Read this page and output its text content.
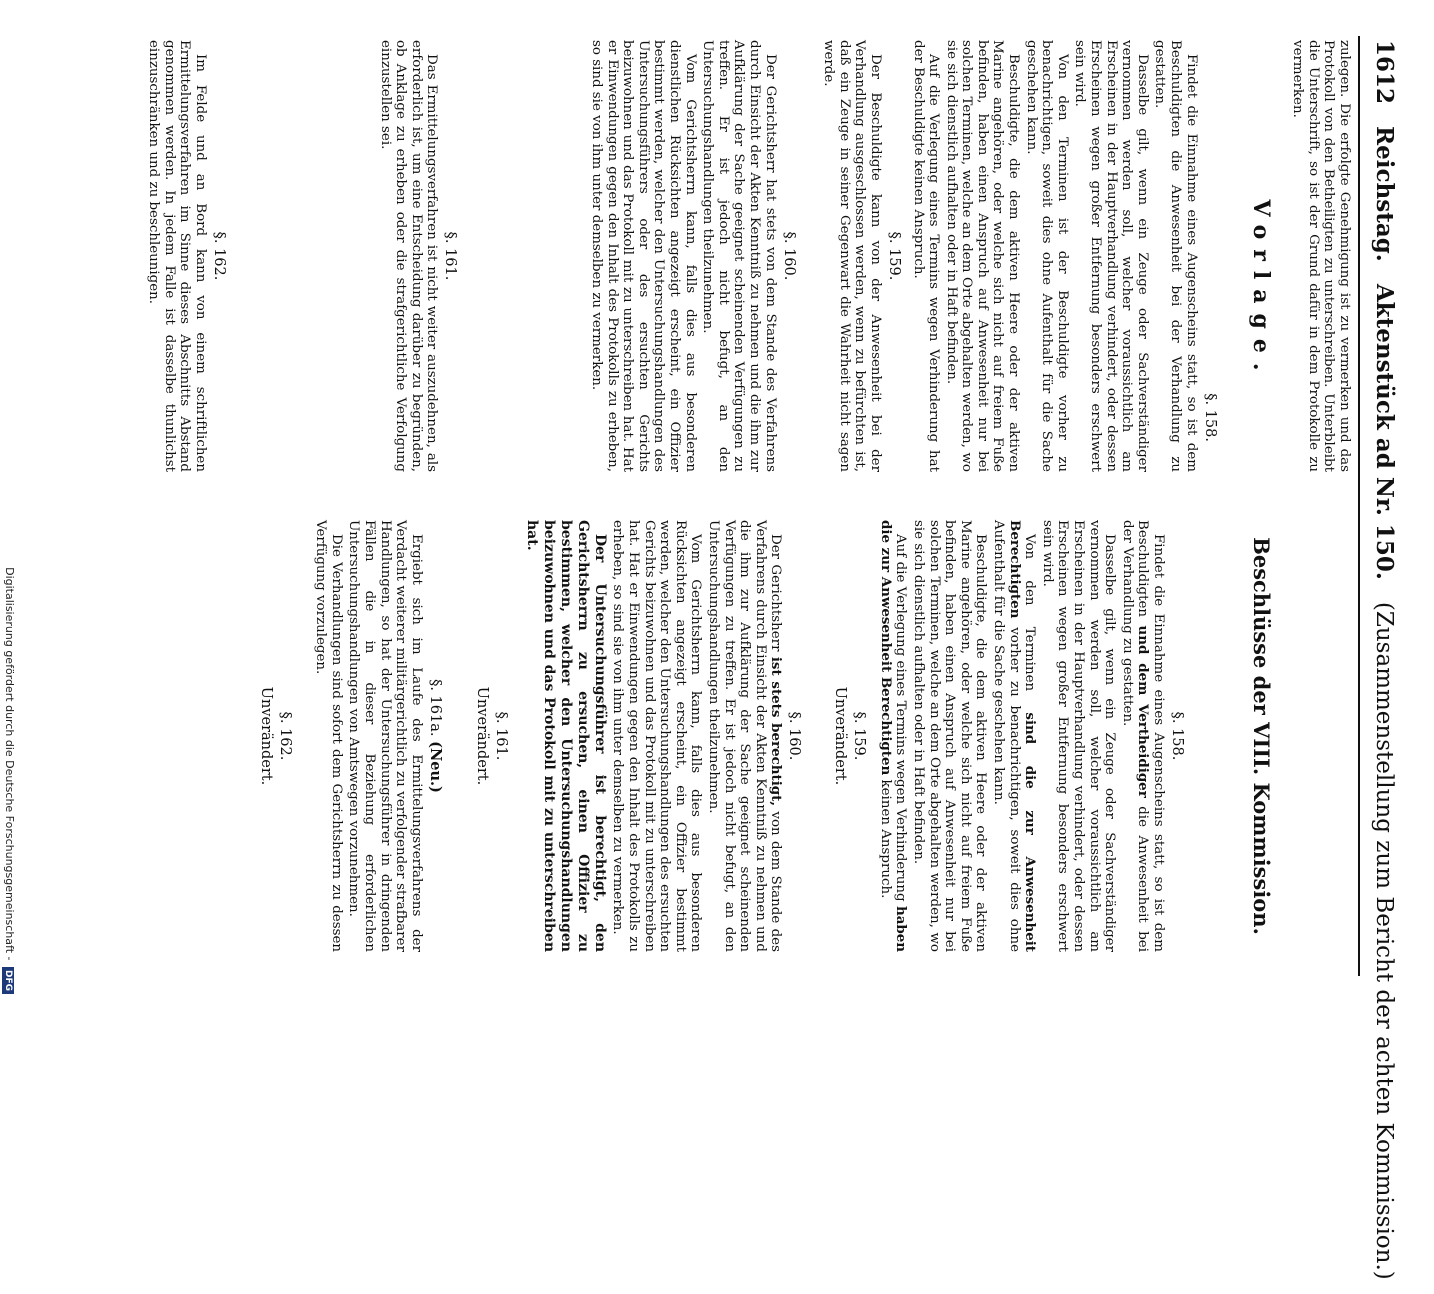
1612 Reichstag. Aktenstück ad Nr. 150. (Zusammenstellung zum Bericht der achten Kommission.)

zulegen. Die erfolgte Genehmigung ist zu vermerken und das Protokoll von den Betheiligten zu unterschreiben. Unterbleibt die Unterschrift, so ist der Grund dafür in dem Protokolle zu vermerken.

Vorlage.
§. 158.

Findet die Einnahme eines Augenscheins statt, so ist dem Beschuldigten die Anwesenheit bei der Verhandlung zu gestatten.

Dasselbe gilt, wenn ein Zeuge oder Sachverständiger vernommen werden soll, welcher voraussichtlich am Erscheinen in der Hauptverhandlung verhindert, oder dessen Erscheinen wegen großer Entfernung besonders erschwert sein wird.

Von den Terminen ist der Beschuldigte vorher zu benachrichtigen, soweit dies ohne Aufenthalt für die Sache geschehen kann.

Beschuldigte, die dem aktiven Heere oder der aktiven Marine angehören, oder welche sich nicht auf freiem Fuße befinden, haben einen Anspruch auf Anwesenheit nur bei solchen Terminen, welche an dem Orte abgehalten werden, wo sie sich dienstlich aufhalten oder in Haft befinden.

Auf die Verlegung eines Termins wegen Verhinderung hat der Beschuldigte keinen Anspruch.

§. 159.

Der Beschuldigte kann von der Anwesenheit bei der Verhandlung ausgeschlossen werden, wenn zu befürchten ist, daß ein Zeuge in seiner Gegenwart die Wahrheit nicht sagen werde.

§. 160.

Der Gerichtsherr hat stets von dem Stande des Verfahrens durch Einsicht der Akten Kenntniß zu nehmen und die ihm zur Aufklärung der Sache geeignet scheinenden Verfügungen zu treffen. Er ist jedoch nicht befugt, an den Untersuchungshandlungen theilzunehmen.

Vom Gerichtsherrn kann, falls dies aus besonderen dienstlichen Rücksichten angezeigt erscheint, ein Offizier bestimmt werden, welcher den Untersuchungshandlungen des Untersuchungsführers oder des ersuchten Gerichts beizuwohnen und das Protokoll mit zu unterschreiben hat. Hat er Einwendungen gegen den Inhalt des Protokolls zu erheben, so sind sie von ihm unter demselben zu vermerken.

§. 161.

Das Ermittelungsverfahren ist nicht weiter auszudehnen, als erforderlich ist, um eine Entscheidung darüber zu begründen, ob Anklage zu erheben oder die strafgerichtliche Verfolgung einzustellen sei.

§. 162.

Im Felde und an Bord kann von einem schriftlichen Ermittelungsverfahren im Sinne dieses Abschnitts Abstand genommen werden. In jedem Falle ist dasselbe thunlichst einzuschränken und zu beschleunigen.

Beschlüsse der VIII. Kommission.
§. 158.

Findet die Einnahme eines Augenscheins statt, so ist dem Beschuldigten und dem Vertheidiger die Anwesenheit bei der Verhandlung zu gestatten.

Dasselbe gilt, wenn ein Zeuge oder Sachverständiger vernommen werden soll, welcher voraussichtlich am Erscheinen in der Hauptverhandlung verhindert, oder dessen Erscheinen wegen großer Entfernung besonders erschwert sein wird.

Von den Terminen sind die zur Anwesenheit Berechtigten vorher zu benachrichtigen, soweit dies ohne Aufenthalt für die Sache geschehen kann.

Beschuldigte, die dem aktiven Heere oder der aktiven Marine angehören, oder welche sich nicht auf freiem Fuße befinden, haben einen Anspruch auf Anwesenheit nur bei solchen Terminen, welche an dem Orte abgehalten werden, wo sie sich dienstlich aufhalten oder in Haft befinden.

Auf die Verlegung eines Termins wegen Verhinderung haben die zur Anwesenheit Berechtigten keinen Anspruch.

§. 159.
Unverändert.
§. 160.

Der Gerichtsherr ist stets berechtigt, von dem Stande des Verfahrens durch Einsicht der Akten Kenntniß zu nehmen und die ihm zur Aufklärung der Sache geeignet scheinenden Verfügungen zu treffen. Er ist jedoch nicht befugt, an den Untersuchungshandlungen theilzunehmen.

Vom Gerichtsherrn kann, falls dies aus besonderen Rücksichten angezeigt erscheint, ein Offizier bestimmt werden, welcher den Untersuchungshandlungen des ersuchten Gerichts beizuwohnen und das Protokoll mit zu unterschreiben hat. Hat er Einwendungen gegen den Inhalt des Protokolls zu erheben, so sind sie von ihm unter demselben zu vermerken.

Der Untersuchungsführer ist berechtigt, den Gerichtsherrn zu ersuchen, einen Offizier zu bestimmen, welcher den Untersuchungshandlungen beizuwohnen und das Protokoll mit zu unterschreiben hat.

§. 161.
Unverändert.
§. 161a. (Neu.)

Ergiebt sich im Laufe des Ermittelungsverfahrens der Verdacht weiterer militärgerichtlich zu verfolgender strafbarer Handlungen, so hat der Untersuchungsführer in dringenden Fällen die in dieser Beziehung erforderlichen Untersuchungshandlungen von Amtswegen vorzunehmen.

Die Verhandlungen sind sofort dem Gerichtsherrn zu dessen Verfügung vorzulegen.

§. 162.
Unverändert.
Digitalisierung gefördert durch die Deutsche Forschungsgemeinschaft - DFG
